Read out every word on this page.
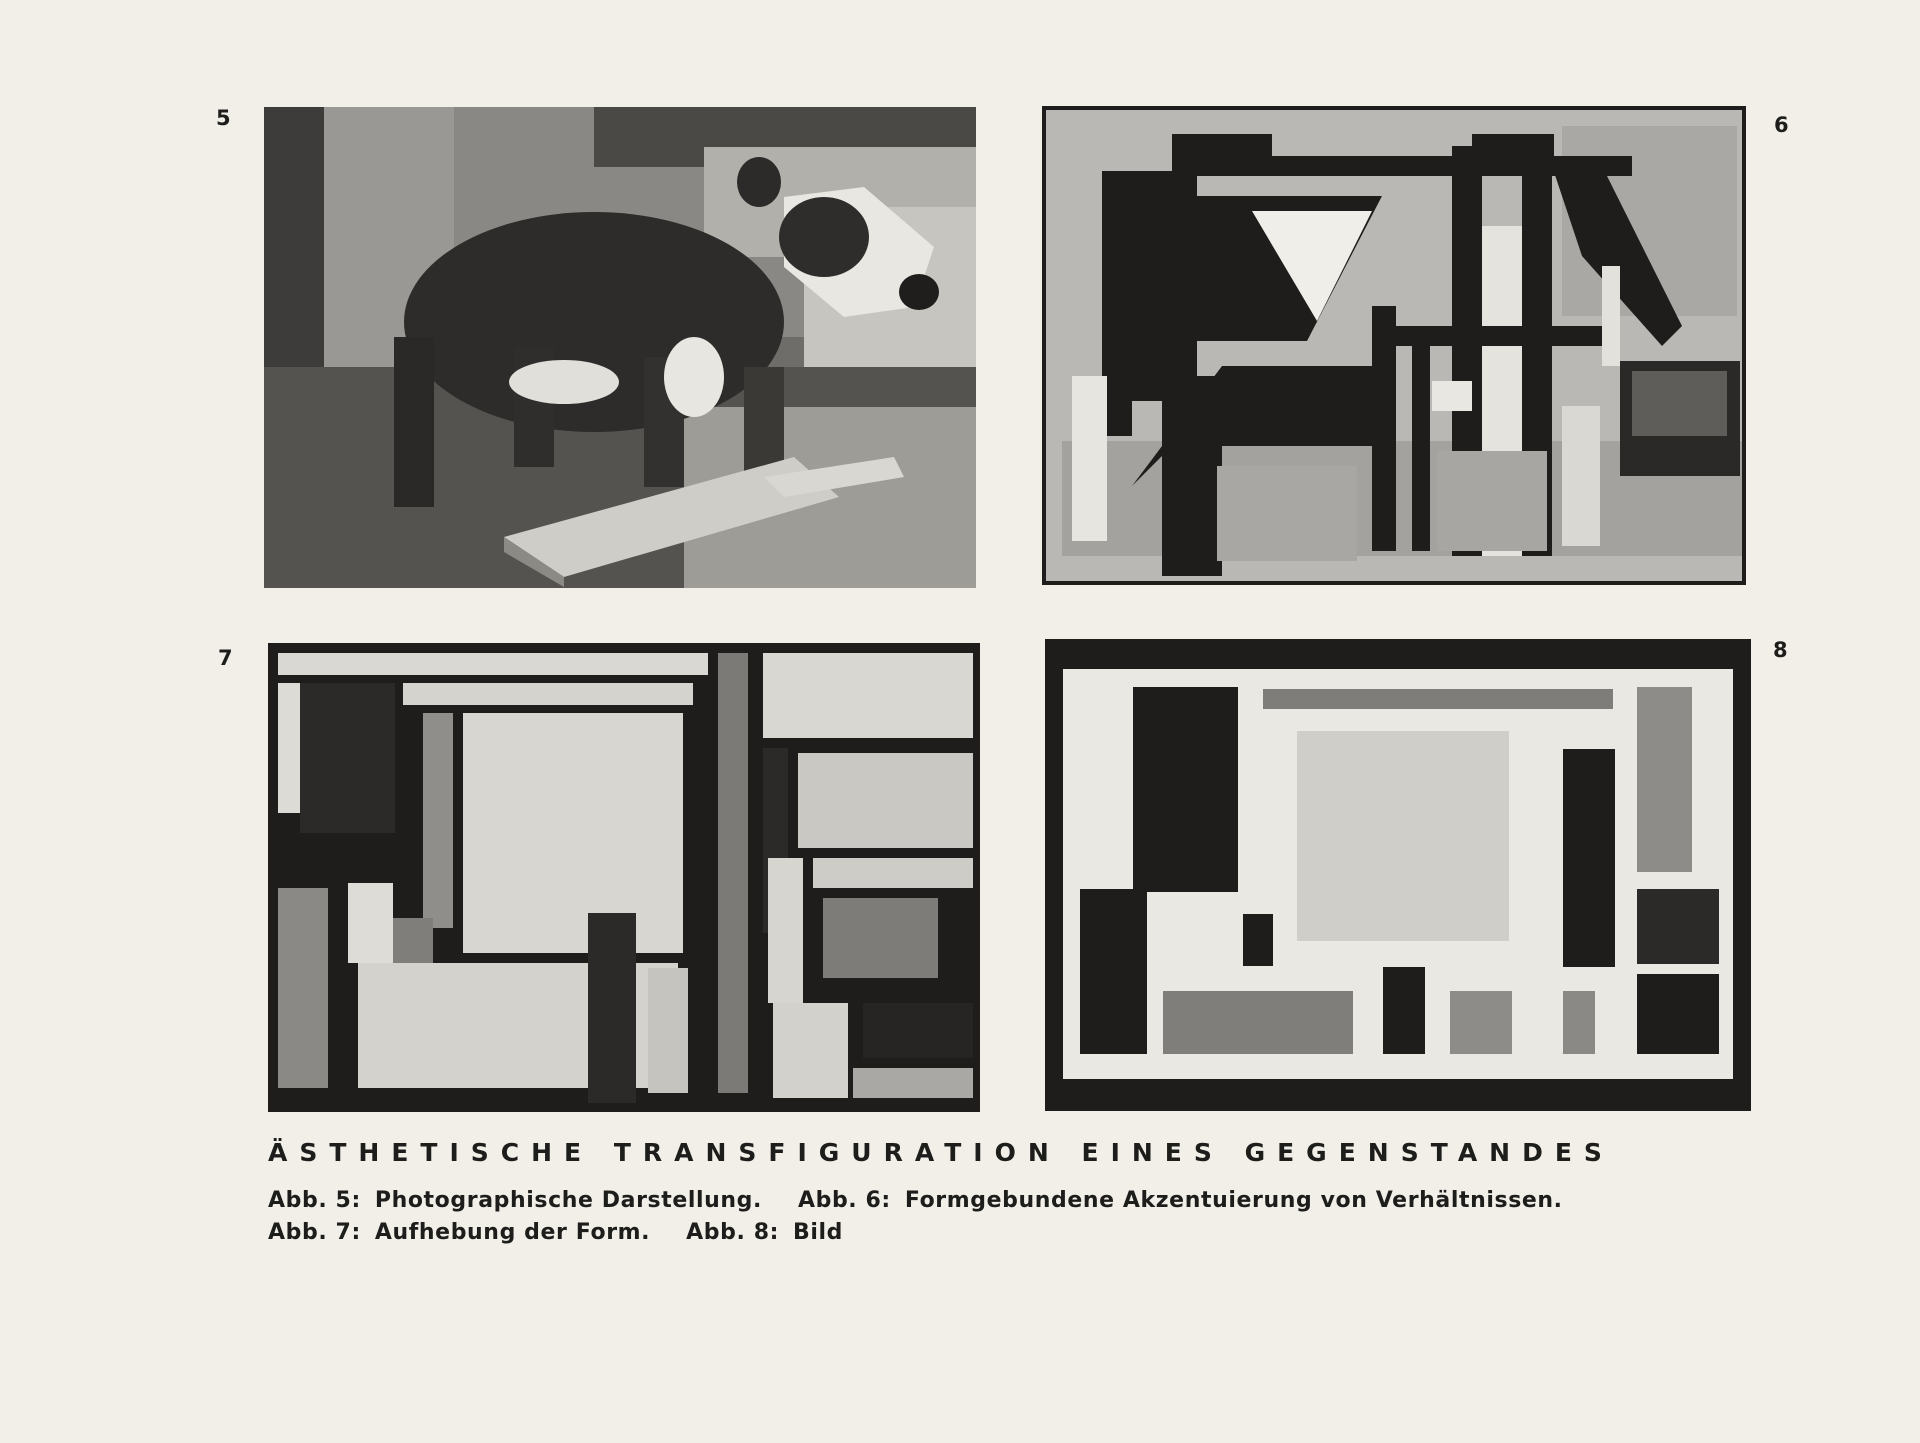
5	6
7	8
ÄSTHETISCHE TRANSFIGURATION EINES GEGENSTANDES
Abb. 5: Photographische Darstellung. Abb. 6: Formgebundene Akzentuierung von Verhältnissen.
Abb. 7: Aufhebung der Form. Abb. 8: Bild
